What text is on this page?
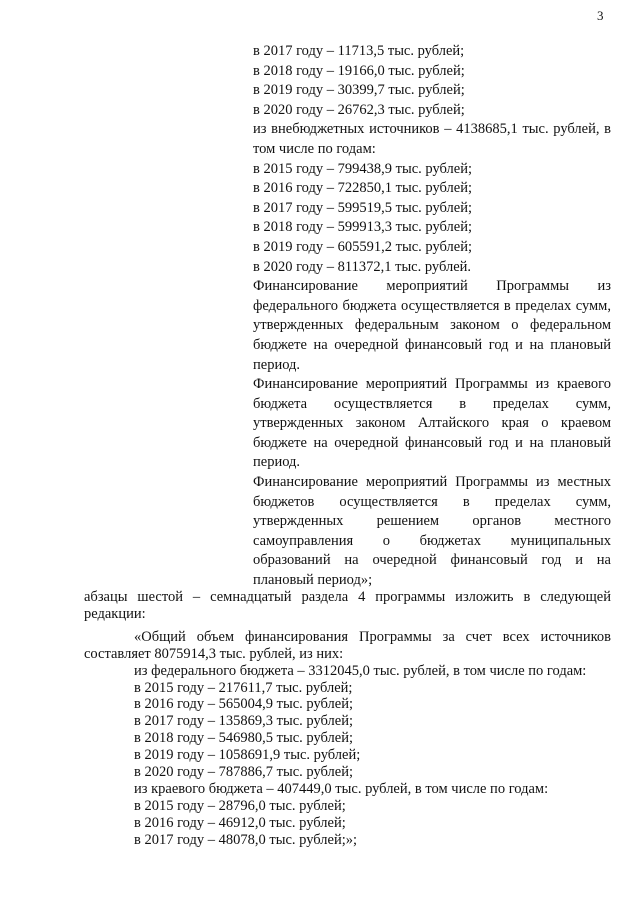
3
в 2017 году – 11713,5 тыс. рублей;
в 2018 году – 19166,0 тыс. рублей;
в 2019 году – 30399,7 тыс. рублей;
в 2020 году – 26762,3 тыс. рублей;
из внебюджетных источников – 4138685,1 тыс. рублей, в том числе по годам:
в 2015 году – 799438,9 тыс. рублей;
в 2016 году – 722850,1 тыс. рублей;
в 2017 году – 599519,5 тыс. рублей;
в 2018 году – 599913,3 тыс. рублей;
в 2019 году – 605591,2 тыс. рублей;
в 2020 году – 811372,1 тыс. рублей.
Финансирование мероприятий Программы из федерального бюджета осуществляется в пределах сумм, утвержденных федеральным законом о федеральном бюджете на очередной финансовый год и на плановый период.
Финансирование мероприятий Программы из краевого бюджета осуществляется в пределах сумм, утвержденных законом Алтайского края о краевом бюджете на очередной финансовый год и на плановый период.
Финансирование мероприятий Программы из местных бюджетов осуществляется в пределах сумм, утвержденных решением органов местного самоуправления о бюджетах муниципальных образований на очередной финансовый год и на плановый период»;
абзацы шестой – семнадцатый раздела 4 программы изложить в следующей редакции:
«Общий объем финансирования Программы за счет всех источников составляет 8075914,3 тыс. рублей, из них:
из федерального бюджета – 3312045,0 тыс. рублей, в том числе по годам:
в 2015 году – 217611,7 тыс. рублей;
в 2016 году – 565004,9 тыс. рублей;
в 2017 году – 135869,3 тыс. рублей;
в 2018 году – 546980,5 тыс. рублей;
в 2019 году – 1058691,9 тыс. рублей;
в 2020 году – 787886,7 тыс. рублей;
из краевого бюджета – 407449,0 тыс. рублей, в том числе по годам:
в 2015 году – 28796,0 тыс. рублей;
в 2016 году – 46912,0 тыс. рублей;
в 2017 году – 48078,0 тыс. рублей;»;
